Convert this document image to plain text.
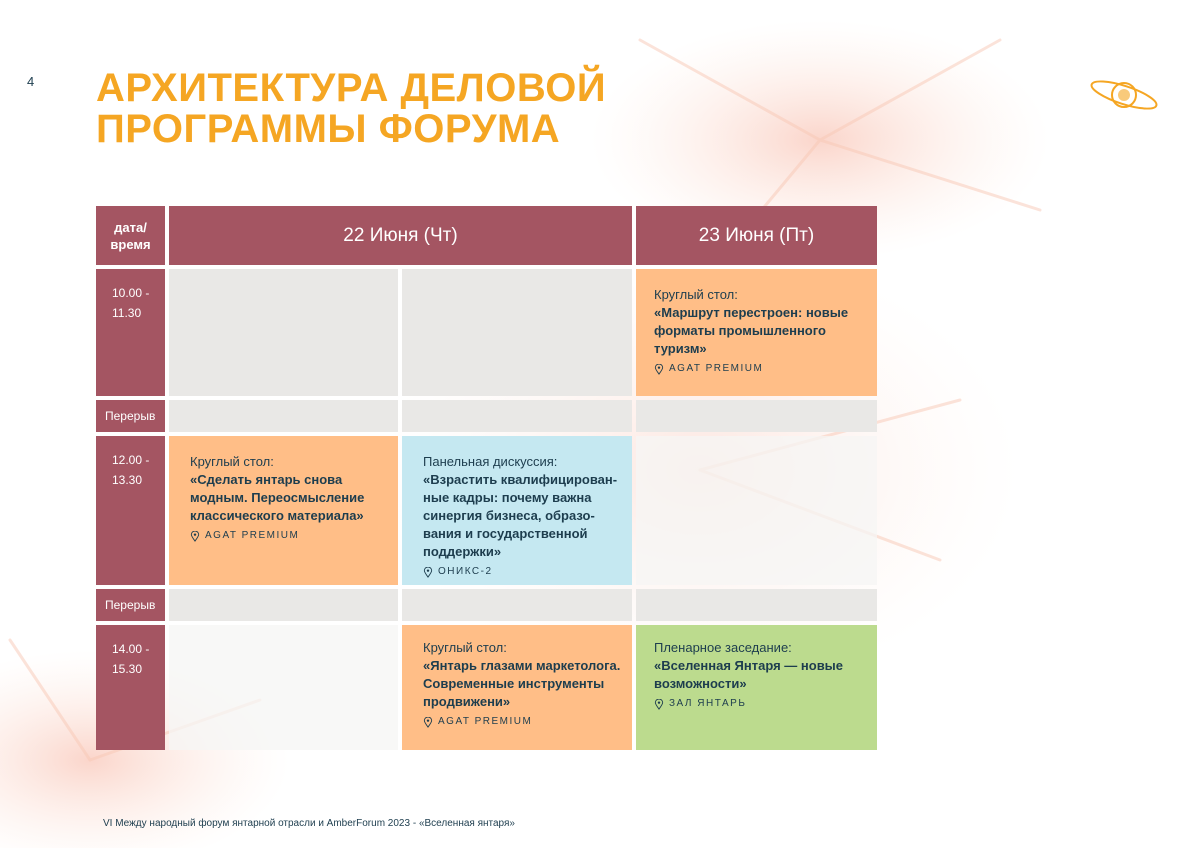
4 АРХИТЕКТУРА ДЕЛОВОЙ
ПРОГРАММЫ ФОРУМА
дата/ время	22 Июня (Чт)	23 Июня (Пт)
10.00 - 11.30
Круглый стол:
«Маршрут перестроен: новые форматы промышленного туризм»
AGAT PREMIUM
Перерыв
12.00 - 13.30
Круглый стол:
«Сделать янтарь снова модным. Переосмысление классического материала»
AGAT PREMIUM
Панельная дискуссия:
«Взрастить квалифицирован-ные кадры: почему важна синергия бизнеса, образо-вания и государственной поддержки»
ОНИКС-2
Перерыв
14.00 - 15.30
Круглый стол:
«Янтарь глазами маркетолога. Современные инструменты продвижени»
AGAT PREMIUM
Пленарное заседание:
«Вселенная Янтаря — новые возможности»
ЗАЛ ЯНТАРЬ
VI Между народный форум янтарной отрасли и AmberForum 2023 - «Вселенная янтаря»
